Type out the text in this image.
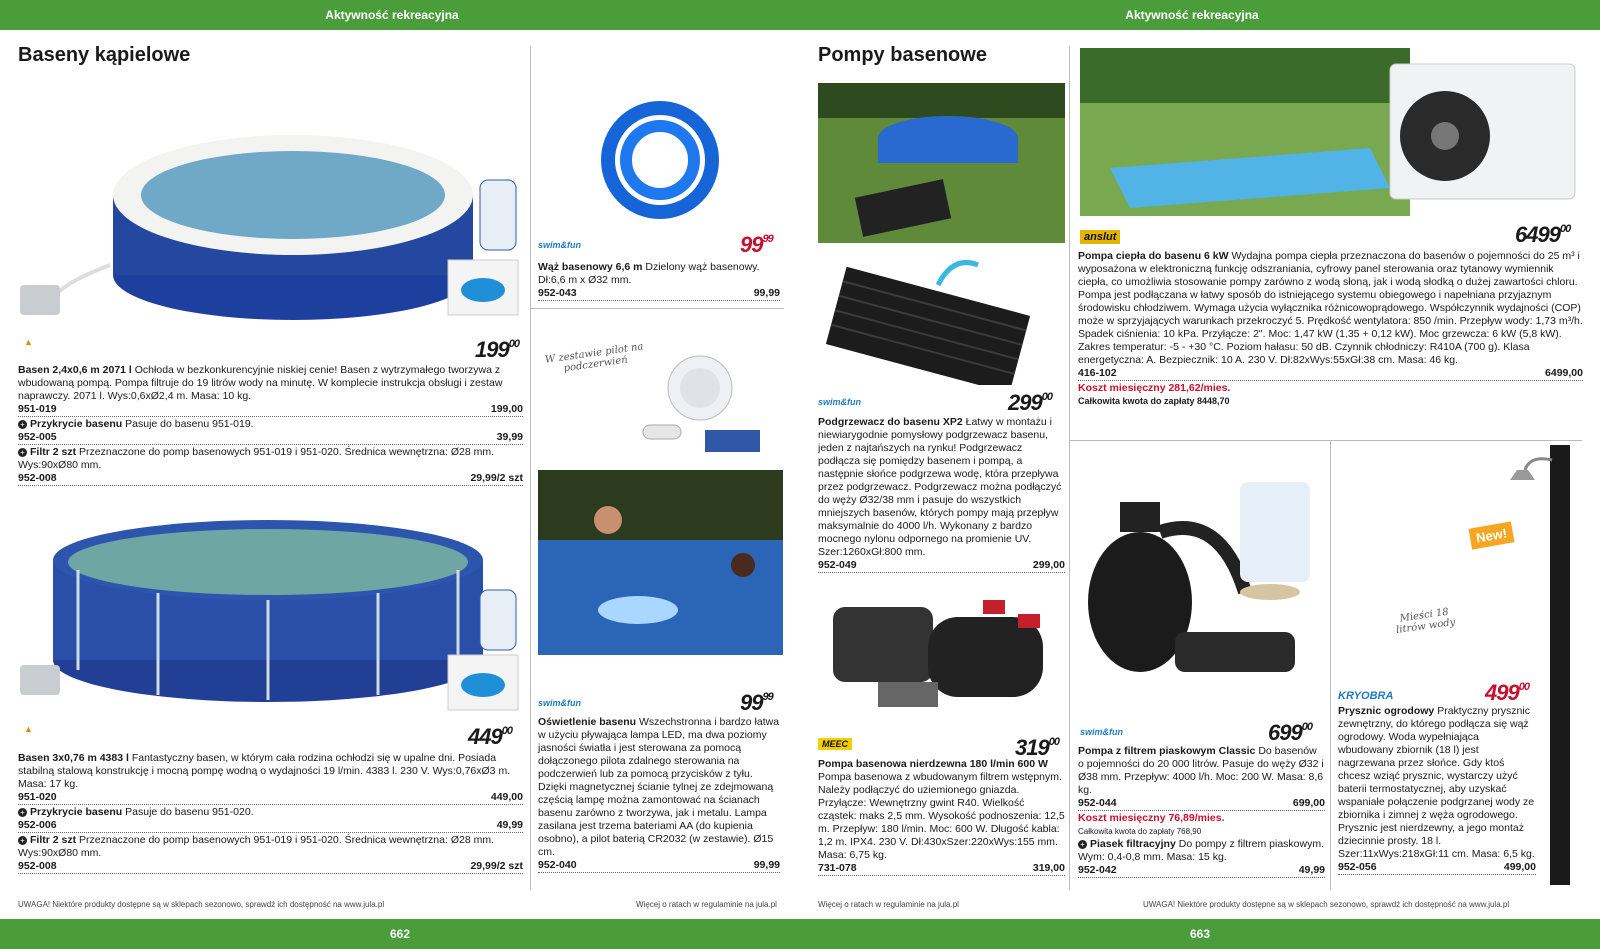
Aktywność rekreacyjna	Aktywność rekreacyjna
Baseny kąpielowe	Pompy basenowe
▲	$199^{00}$
Basen 2,4x0,6 m 2071 l Ochłoda w bezkonkurencyjnie niskiej cenie! Basen z wytrzymałego tworzywa z wbudowaną pompą. Pompa filtruje do 19 litrów wody na minutę. W komplecie instrukcja obsługi i zestaw naprawczy. 2071 l. Wys:0,6xØ2,4 m. Masa: 10 kg.
951-019	199,00
+ Przykrycie basenu Pasuje do basenu 951-019.
952-005	39,99
+ Filtr 2 szt Przeznaczone do pomp basenowych 951-019 i 951-020. Średnica wewnętrzna: Ø28 mm. Wys:90xØ80 mm.
952-008	29,99/2 szt
▲	$449^{00}$
Basen 3x0,76 m 4383 l Fantastyczny basen, w którym cała rodzina ochłodzi się w upalne dni. Posiada stabilną stalową konstrukcję i mocną pompę wodną o wydajności 19 l/min. 4383 l. 230 V. Wys:0,76xØ3 m. Masa: 17 kg.
951-020	449,00
+ Przykrycie basenu Pasuje do basenu 951-020.
952-006	49,99
+ Filtr 2 szt Przeznaczone do pomp basenowych 951-019 i 951-020. Średnica wewnętrzna: Ø28 mm. Wys:90xØ80 mm.
952-008	29,99/2 szt
swim&fun	$99^{99}$
Wąż basenowy 6,6 m Dzielony wąż basenowy. Dł:6,6 m x Ø32 mm.
952-043	99,99
W zestawie pilot na podczerwień
swim&fun	$99^{99}$
Oświetlenie basenu Wszechstronna i bardzo łatwa w użyciu pływająca lampa LED, ma dwa poziomy jasności światła i jest sterowana za pomocą dołączonego pilota zdalnego sterowania na podczerwień lub za pomocą przycisków z tyłu. Dzięki magnetycznej ścianie tylnej ze zdejmowaną częścią lampę można zamontować na ścianach basenu zarówno z tworzywa, jak i metalu. Lampa zasilana jest trzema bateriami AA (do kupienia osobno), a pilot baterią CR2032 (w zestawie). Ø15 cm.
952-040	99,99
swim&fun	$299^{00}$
Podgrzewacz do basenu XP2 Łatwy w montażu i niewiarygodnie pomysłowy podgrzewacz basenu, jeden z najtańszych na rynku! Podgrzewacz podłącza się pomiędzy basenem i pompą, a następnie słońce podgrzewa wodę, która przepływa przez podgrzewacz. Podgrzewacz można podłączyć do węży Ø32/38 mm i pasuje do wszystkich mniejszych basenów, których pompy mają przepływ maksymalnie do 4000 l/h. Wykonany z bardzo mocnego nylonu odpornego na promienie UV. Szer:1260xGł:800 mm.
952-049	299,00
MEEC	$319^{00}$
Pompa basenowa nierdzewna 180 l/min 600 W Pompa basenowa z wbudowanym filtrem wstępnym. Należy podłączyć do uziemionego gniazda. Przyłącze: Wewnętrzny gwint R40. Wielkość cząstek: maks 2,5 mm. Wysokość podnoszenia: 12,5 m. Przepływ: 180 l/min. Moc: 600 W. Długość kabla: 1,2 m. IPX4. 230 V. Dł:430xSzer:220xWys:155 mm. Masa: 6,75 kg.
731-078	319,00
anslut	6499$^{00}$
Pompa ciepła do basenu 6 kW Wydajna pompa ciepła przeznaczona do basenów o pojemności do 25 m³ i wyposażona w elektroniczną funkcję odszraniania, cyfrowy panel sterowania oraz tytanowy wymiennik ciepła, co umożliwia stosowanie pompy zarówno z wodą słoną, jak i wodą słodką o dużej zawartości chloru. Pompa jest podłączana w łatwy sposób do istniejącego systemu obiegowego i napełniana przyjaznym środowisku chłodziwem. Wymaga użycia wyłącznika różnicowoprądowego. Współczynnik wydajności (COP) może w sprzyjających warunkach przekroczyć 5. Prędkość wentylatora: 850 /min. Przepływ wody: 1,73 m³/h. Spadek ciśnienia: 10 kPa. Przyłącze: 2". Moc: 1,47 kW (1,35 + 0,12 kW). Moc grzewcza: 6 kW (5,8 kW). Zakres temperatur: -5 - +30 °C. Poziom hałasu: 50 dB. Czynnik chłodniczy: R410A (700 g). Klasa energetyczna: A. Bezpiecznik: 10 A. 230 V. Dł:82xWys:55xGł:38 cm. Masa: 46 kg.
416-102	6499,00
Koszt miesięczny 281,62/mies.
Całkowita kwota do zapłaty 8448,70
swim&fun	$699^{00}$
Pompa z filtrem piaskowym Classic Do basenów o pojemności do 20 000 litrów. Pasuje do węży Ø32 i Ø38 mm. Przepływ: 4000 l/h. Moc: 200 W. Masa: 8,6 kg.
952-044	699,00
Koszt miesięczny 76,89/mies.
Całkowita kwota do zapłaty 768,90
+ Piasek filtracyjny Do pompy z filtrem piaskowym. Wym: 0,4-0,8 mm. Masa: 15 kg.
952-042	49,99
New!
Mieści 18 litrów wody
KRYOBRA	$499^{00}$
Prysznic ogrodowy Praktyczny prysznic zewnętrzny, do którego podłącza się wąż ogrodowy. Woda wypełniająca wbudowany zbiornik (18 l) jest nagrzewana przez słońce. Gdy ktoś chcesz wziąć prysznic, wystarczy użyć baterii termostatycznej, aby uzyskać wspaniałe połączenie podgrzanej wody ze zbiornika i zimnej z węża ogrodowego. Prysznic jest nierdzewny, a jego montaż dziecinnie prosty. 18 l. Szer:11xWys:218xGł:11 cm. Masa: 6,5 kg.
952-056	499,00
UWAGA! Niektóre produkty dostępne są w sklepach sezonowo, sprawdź ich dostępność na www.jula.pl	Więcej o ratach w regulaminie na jula.pl	Więcej o ratach w regulaminie na jula.pl	UWAGA! Niektóre produkty dostępne są w sklepach sezonowo, sprawdź ich dostępność na www.jula.pl
662	663
